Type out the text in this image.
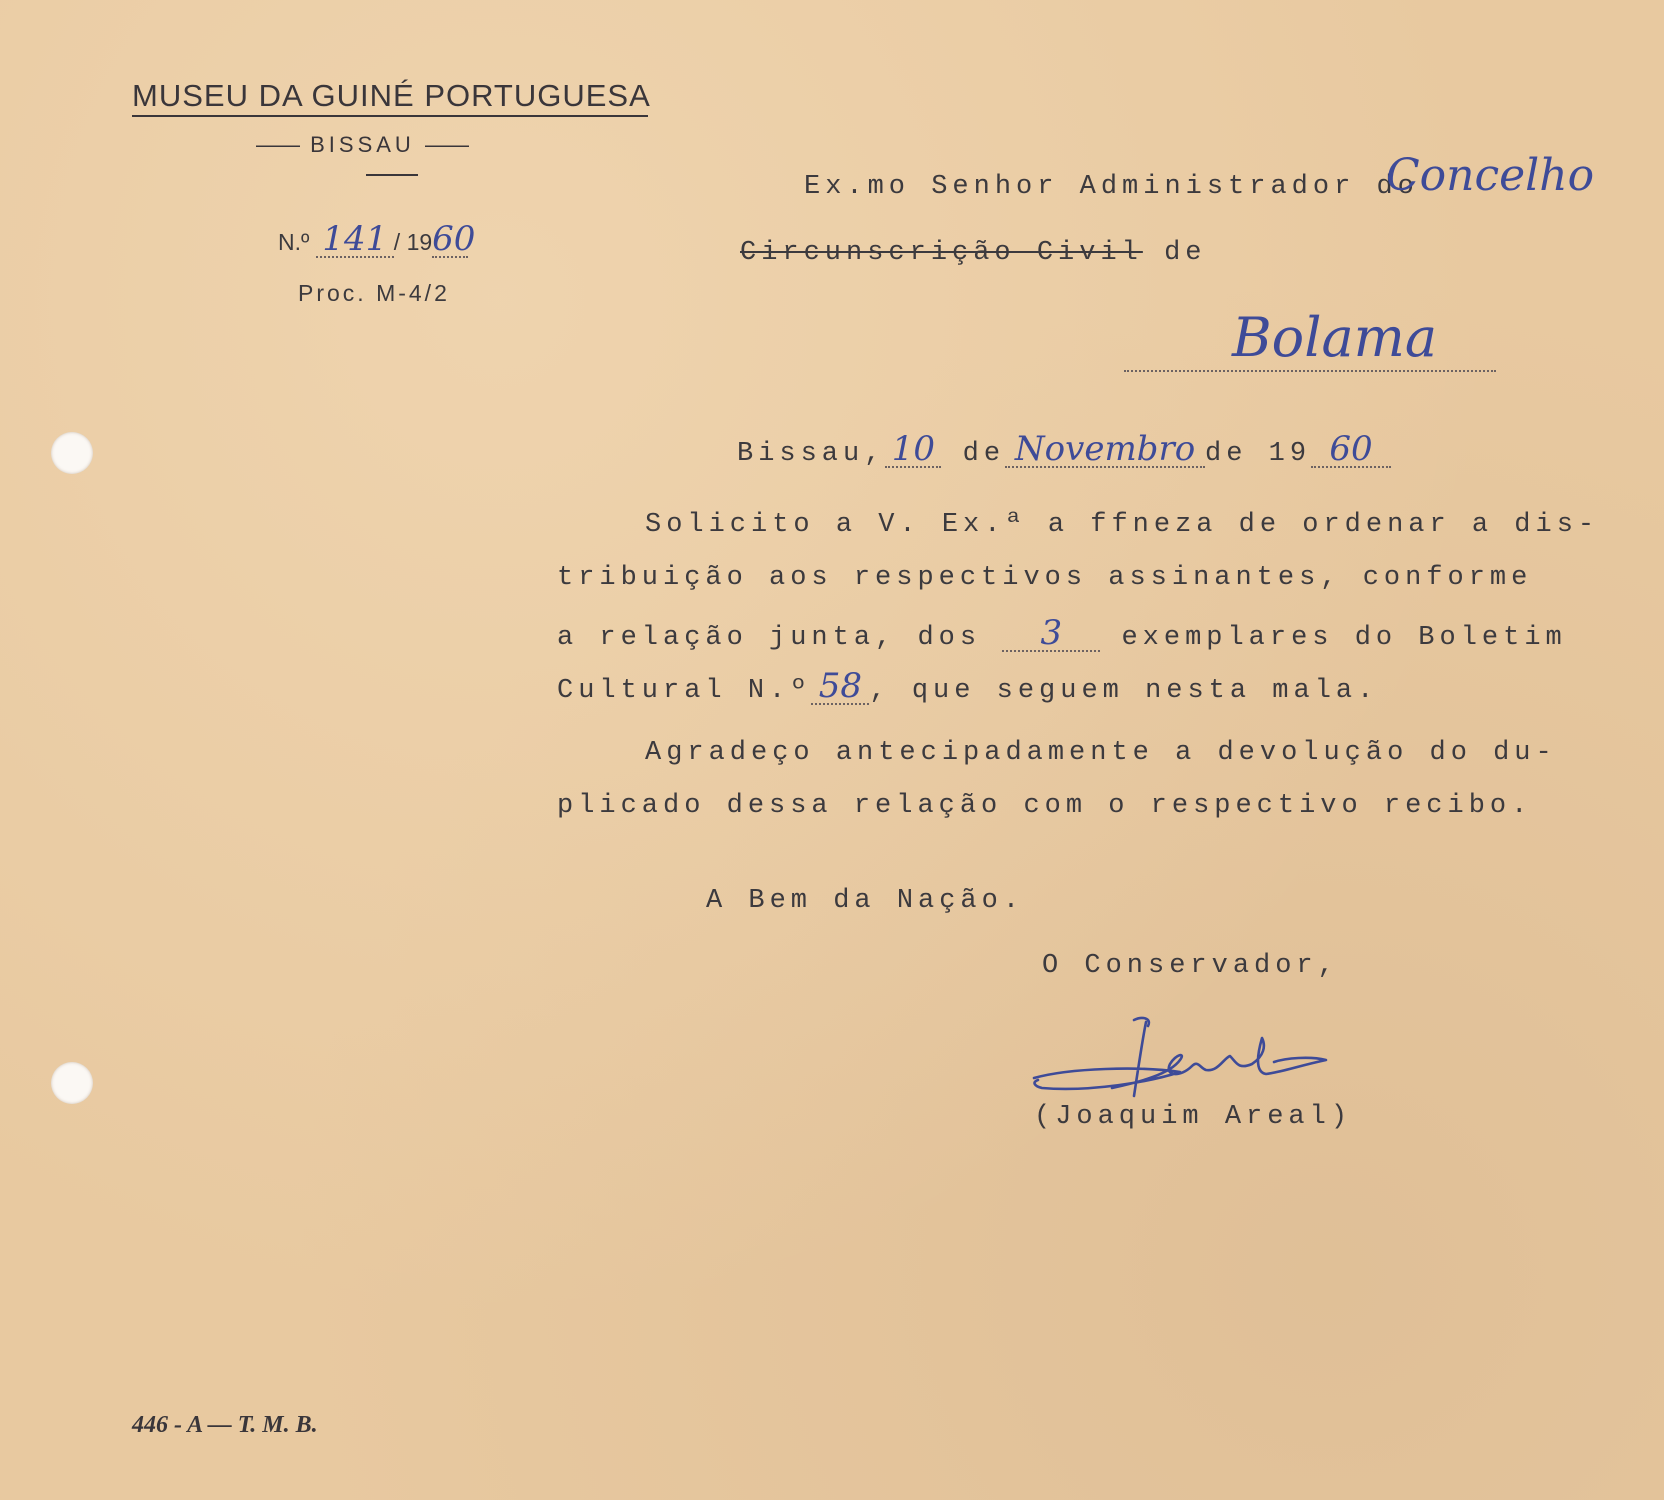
MUSEU DA GUINÉ PORTUGUESA
—— BISSAU ——
N.º 141 / 1960
Proc. M-4/2
Ex.mo Senhor Administrador do
Concelho
Circunscrição Civil de
Bolama
Bissau, 10 de Novembro de 19 60
Solicito a V. Ex.ª a ffneza de ordenar a dis-
tribuição aos respectivos assinantes, conforme
a relação junta, dos 3 exemplares do Boletim
Cultural N.º 58 , que seguem nesta mala.
Agradeço antecipadamente a devolução do du-
plicado dessa relação com o respectivo recibo.
A Bem da Nação.
O Conservador,
(Joaquim Areal)
446 - A — T. M. B.
